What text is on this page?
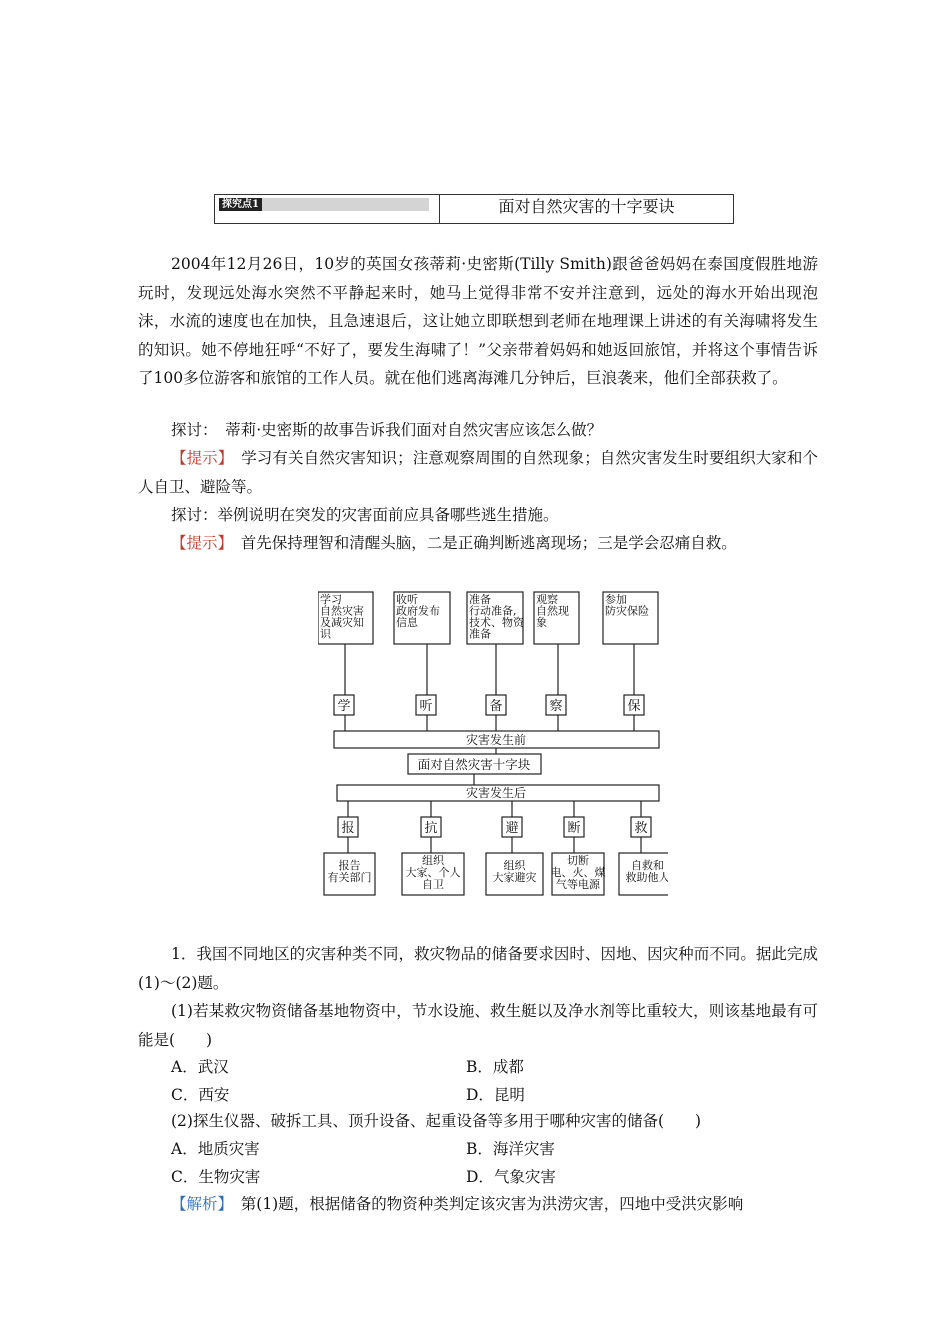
探究点1	面对自然灾害的十字要诀

2004年12月26日，10岁的英国女孩蒂莉·史密斯(Tilly Smith)跟爸爸妈妈在泰国度假胜地游玩时，发现远处海水突然不平静起来时，她马上觉得非常不安并注意到，远处的海水开始出现泡沫，水流的速度也在加快，且急速退后，这让她立即联想到老师在地理课上讲述的有关海啸将发生的知识。她不停地狂呼“不好了，要发生海啸了！”父亲带着妈妈和她返回旅馆，并将这个事情告诉了100多位游客和旅馆的工作人员。就在他们逃离海滩几分钟后，巨浪袭来，他们全部获救了。

探讨：　蒂莉·史密斯的故事告诉我们面对自然灾害应该怎么做？

【提示】　学习有关自然灾害知识；注意观察周围的自然现象；自然灾害发生时要组织大家和个人自卫、避险等。

探讨：举例说明在突发的灾害面前应具备哪些逃生措施。

【提示】　首先保持理智和清醒头脑，二是正确判断逃离现场；三是学会忍痛自救。

学习
自然灾害
及减灾知
识
收听
政府发布
信息
准备
行动准备,
技术、物资
准备
观察
自然现
象
参加
防灾保险
学	听	备	察	保
灾害发生前
面对自然灾害十字块
灾害发生后
报	抗	避	断	救
报告
有关部门
组织
大家、个人
自卫
组织
大家避灾
切断
电、火、煤
气等电源
自救和
救助他人

1．我国不同地区的灾害种类不同，救灾物品的储备要求因时、因地、因灾种而不同。据此完成(1)～(2)题。

(1)若某救灾物资储备基地物资中，节水设施、救生艇以及净水剂等比重较大，则该基地最有可能是(　　)

A．武汉	B．成都
C．西安	D．昆明

(2)探生仪器、破拆工具、顶升设备、起重设备等多用于哪种灾害的储备(　　)

A．地质灾害	B．海洋灾害
C．生物灾害	D．气象灾害

【解析】　第(1)题，根据储备的物资种类判定该灾害为洪涝灾害，四地中受洪灾影响
